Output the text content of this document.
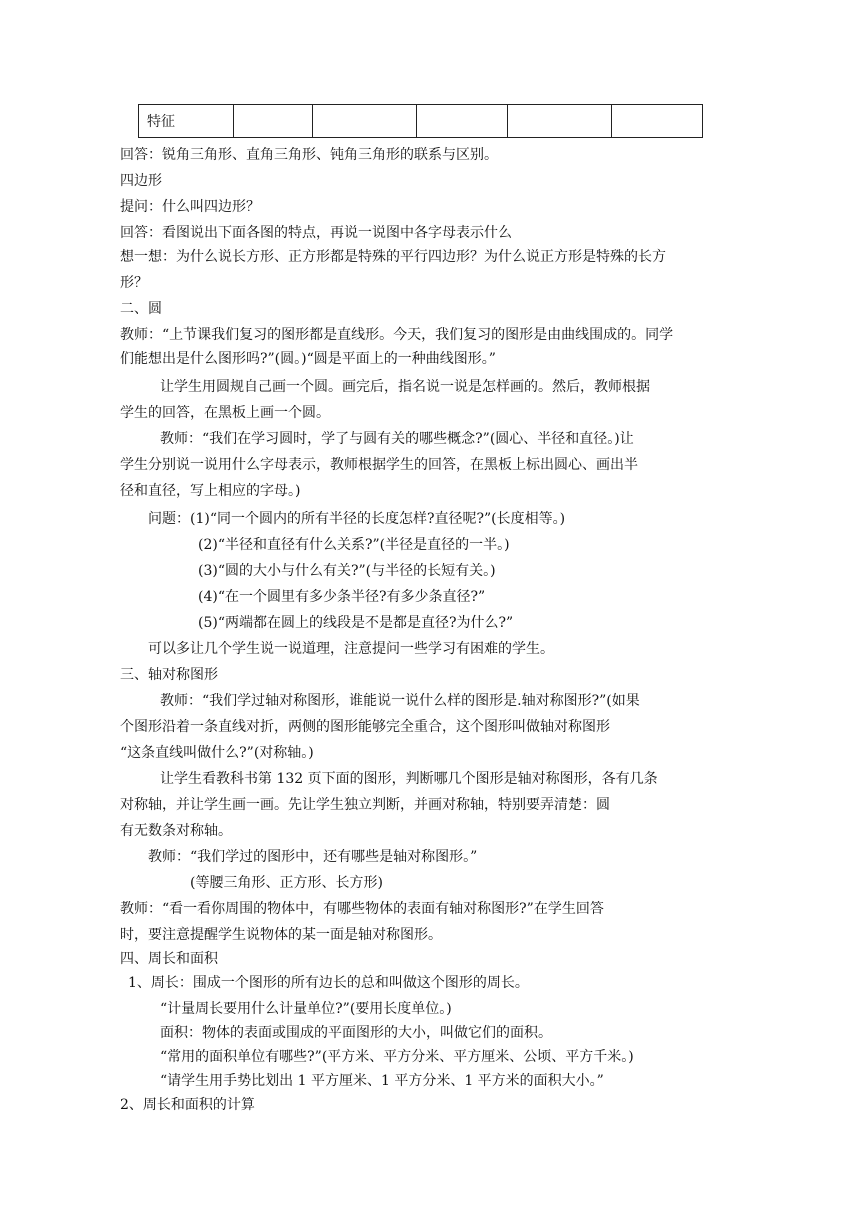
特征					
回答：锐角三角形、直角三角形、钝角三角形的联系与区别。
四边形
提问：什么叫四边形？
回答：看图说出下面各图的特点，再说一说图中各字母表示什么
想一想：为什么说长方形、正方形都是特殊的平行四边形？为什么说正方形是特殊的长方
形？
二、圆
教师：“上节课我们复习的图形都是直线形。今天，我们复习的图形是由曲线围成的。同学
们能想出是什么图形吗?”(圆。)“圆是平面上的一种曲线图形。”
让学生用圆规自己画一个圆。画完后，指名说一说是怎样画的。然后，教师根据
学生的回答，在黑板上画一个圆。
教师：“我们在学习圆时，学了与圆有关的哪些概念?”(圆心、半径和直径。)让
学生分别说一说用什么字母表示，教师根据学生的回答，在黑板上标出圆心、画出半
径和直径，写上相应的字母。)
问题：(1)“同一个圆内的所有半径的长度怎样?直径呢?”(长度相等。)
(2)“半径和直径有什么关系?”(半径是直径的一半。)
(3)“圆的大小与什么有关?”(与半径的长短有关。)
(4)“在一个圆里有多少条半径?有多少条直径?”
(5)“两端都在圆上的线段是不是都是直径?为什么?”
可以多让几个学生说一说道理，注意提问一些学习有困难的学生。
三、轴对称图形
教师：“我们学过轴对称图形，谁能说一说什么样的图形是.轴对称图形?”(如果
个图形沿着一条直线对折，两侧的图形能够完全重合，这个图形叫做轴对称图形
“这条直线叫做什么?”(对称轴。)
让学生看教科书第 132 页下面的图形，判断哪几个图形是轴对称图形，各有几条
对称轴，并让学生画一画。先让学生独立判断，并画对称轴，特别要弄清楚：圆
有无数条对称轴。
教师：“我们学过的图形中，还有哪些是轴对称图形。”
(等腰三角形、正方形、长方形)
教师：“看一看你周围的物体中，有哪些物体的表面有轴对称图形?”在学生回答
时，要注意提醒学生说物体的某一面是轴对称图形。
四、周长和面积
1、周长：围成一个图形的所有边长的总和叫做这个图形的周长。
“计量周长要用什么计量单位?”(要用长度单位。)
面积：物体的表面或围成的平面图形的大小，叫做它们的面积。
“常用的面积单位有哪些?”(平方米、平方分米、平方厘米、公顷、平方千米。)
“请学生用手势比划出 1 平方厘米、1 平方分米、1 平方米的面积大小。”
2、周长和面积的计算
